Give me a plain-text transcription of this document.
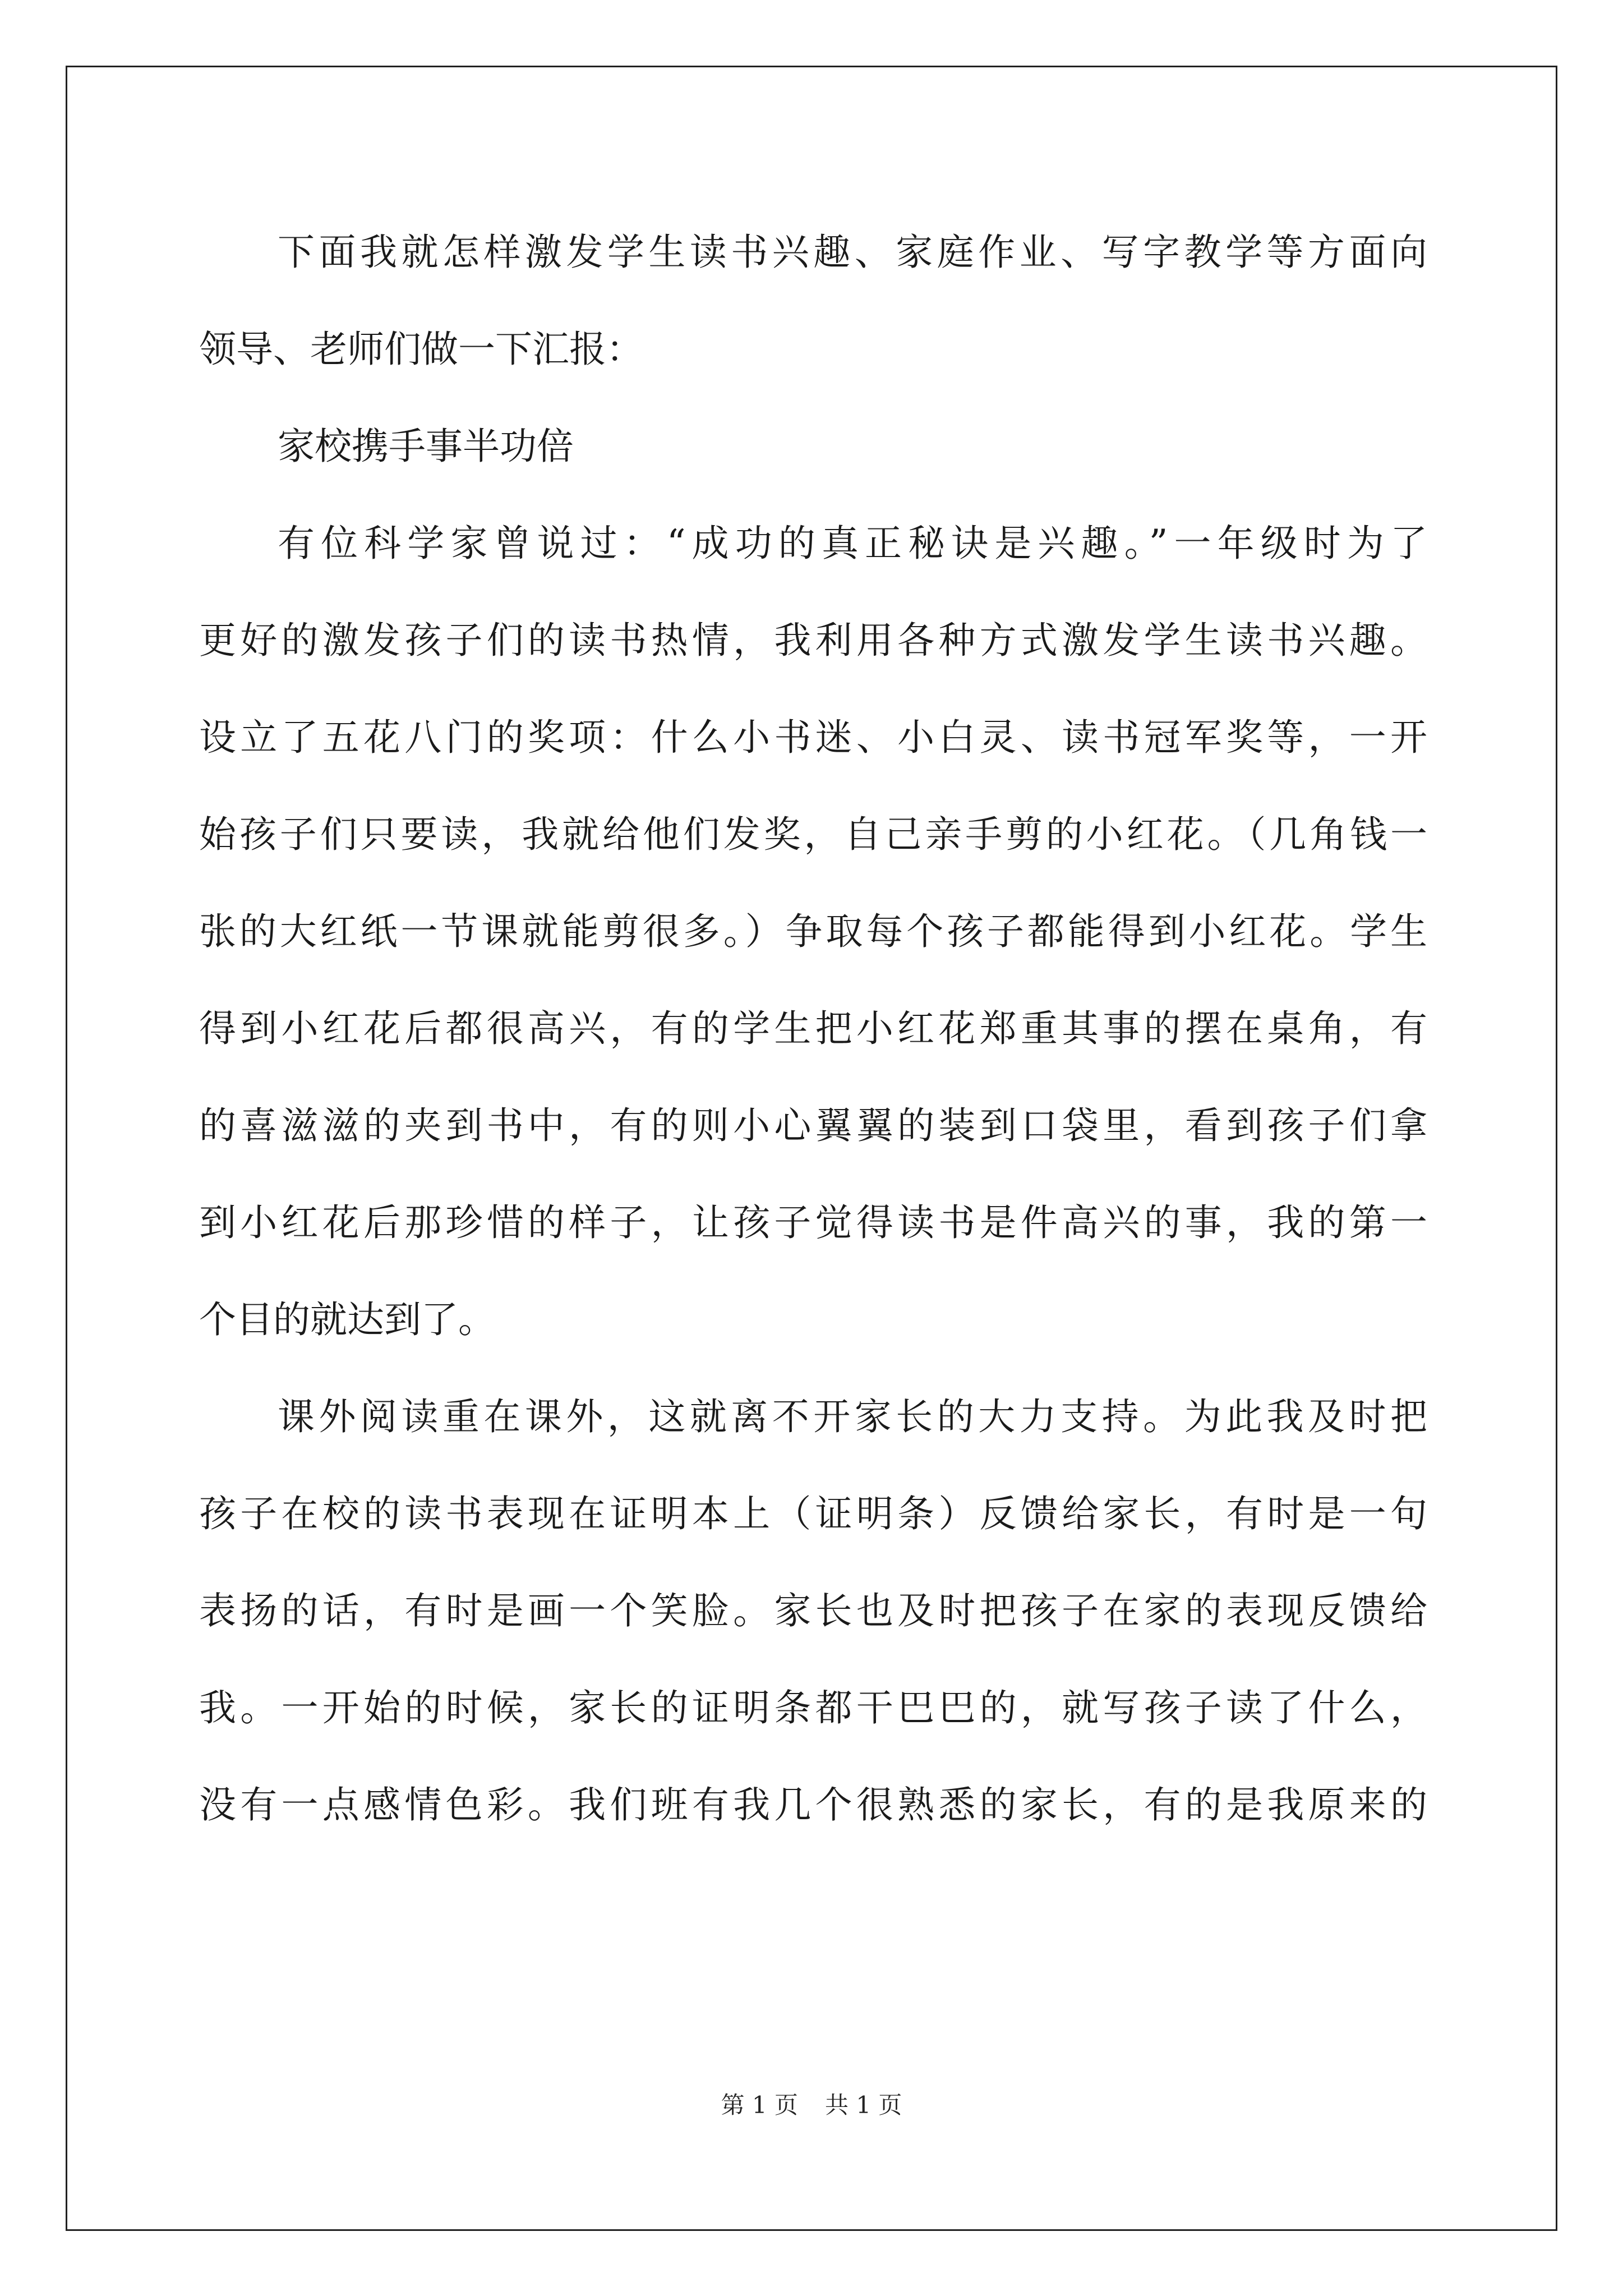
下面我就怎样激发学生读书兴趣、家庭作业、写字教学等方面向
领导、老师们做一下汇报：
家校携手事半功倍
有位科学家曾说过：“成功的真正秘诀是兴趣。”一年级时为了
更好的激发孩子们的读书热情，我利用各种方式激发学生读书兴趣。
设立了五花八门的奖项：什么小书迷、小白灵、读书冠军奖等，一开
始孩子们只要读，我就给他们发奖，自己亲手剪的小红花。（几角钱一
张的大红纸一节课就能剪很多。）争取每个孩子都能得到小红花。学生
得到小红花后都很高兴，有的学生把小红花郑重其事的摆在桌角，有
的喜滋滋的夹到书中，有的则小心翼翼的装到口袋里，看到孩子们拿
到小红花后那珍惜的样子，让孩子觉得读书是件高兴的事，我的第一
个目的就达到了。
课外阅读重在课外，这就离不开家长的大力支持。为此我及时把
孩子在校的读书表现在证明本上（证明条）反馈给家长，有时是一句
表扬的话，有时是画一个笑脸。家长也及时把孩子在家的表现反馈给
我。一开始的时候，家长的证明条都干巴巴的，就写孩子读了什么，
没有一点感情色彩。我们班有我几个很熟悉的家长，有的是我原来的
第 1 页 共 1 页
